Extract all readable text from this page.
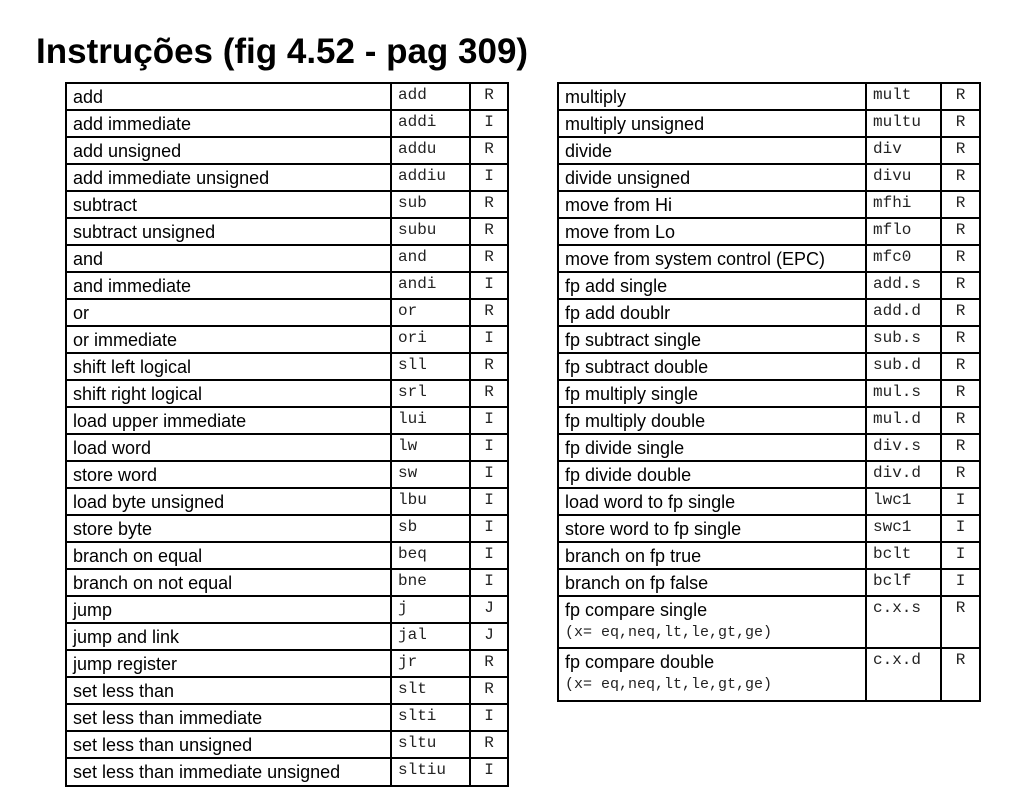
Instruções (fig 4.52 - pag 309)
add	add	R
add immediate	addi	I
add unsigned	addu	R
add immediate unsigned	addiu	I
subtract	sub	R
subtract unsigned	subu	R
and	and	R
and immediate	andi	I
or	or	R
or immediate	ori	I
shift left logical	sll	R
shift right logical	srl	R
load upper immediate	lui	I
load word	lw	I
store word	sw	I
load byte unsigned	lbu	I
store byte	sb	I
branch on equal	beq	I
branch on not equal	bne	I
jump	j	J
jump and link	jal	J
jump register	jr	R
set less than	slt	R
set less than immediate	slti	I
set less than unsigned	sltu	R
set less than immediate unsigned	sltiu	I
multiply	mult	R
multiply unsigned	multu	R
divide	div	R
divide unsigned	divu	R
move from Hi	mfhi	R
move from Lo	mflo	R
move from system control (EPC)	mfc0	R
fp add single	add.s	R
fp add doublr	add.d	R
fp subtract single	sub.s	R
fp subtract double	sub.d	R
fp multiply single	mul.s	R
fp multiply double	mul.d	R
fp divide single	div.s	R
fp divide double	div.d	R
load word to fp single	lwc1	I
store word to fp single	swc1	I
branch on fp true	bclt	I
branch on fp false	bclf	I
fp compare single
(x= eq,neq,lt,le,gt,ge)	c.x.s	R
fp compare double
(x= eq,neq,lt,le,gt,ge)	c.x.d	R
